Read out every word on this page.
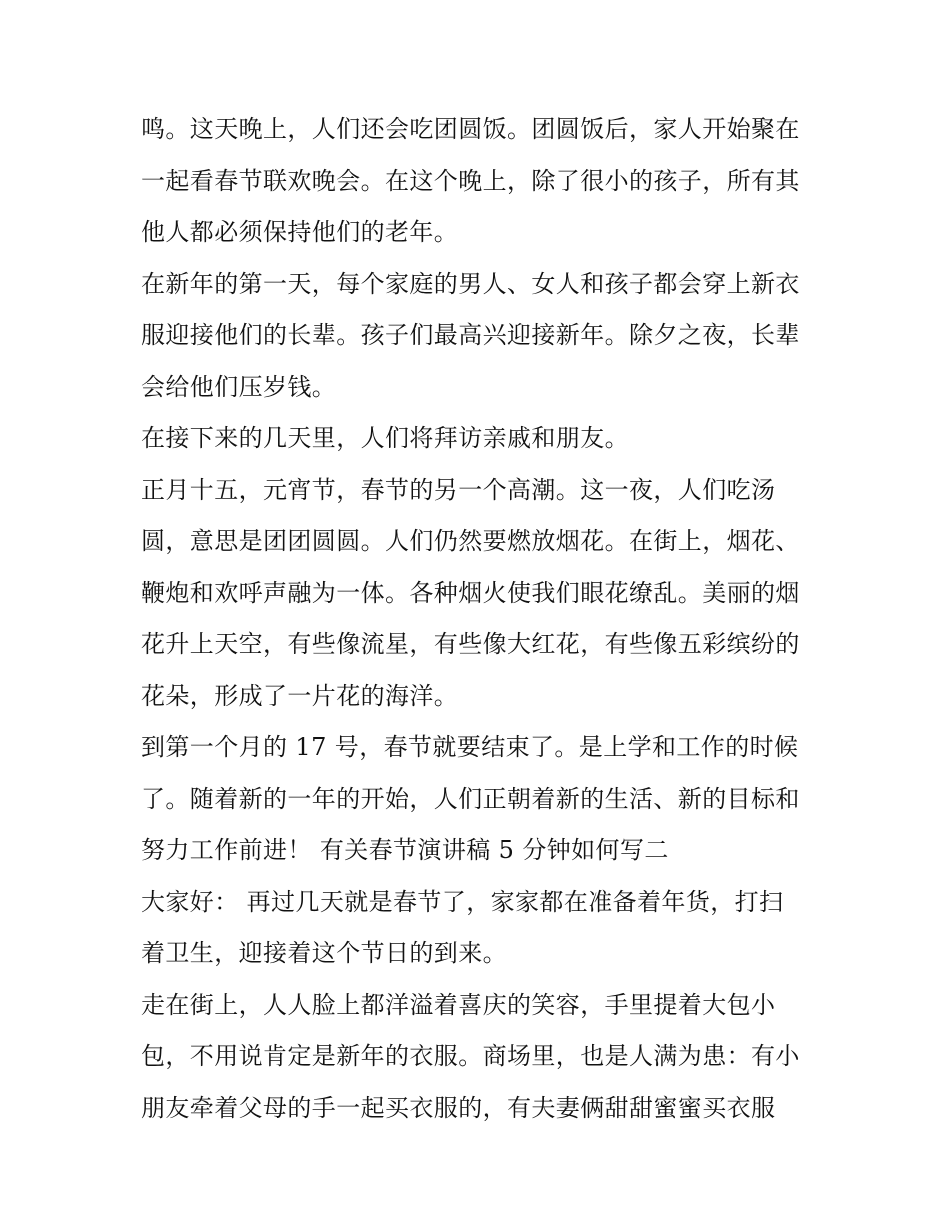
鸣。这天晚上，人们还会吃团圆饭。团圆饭后，家人开始聚在
一起看春节联欢晚会。在这个晚上，除了很小的孩子，所有其
他人都必须保持他们的老年。
在新年的第一天，每个家庭的男人、女人和孩子都会穿上新衣
服迎接他们的长辈。孩子们最高兴迎接新年。除夕之夜，长辈
会给他们压岁钱。
在接下来的几天里，人们将拜访亲戚和朋友。
正月十五，元宵节，春节的另一个高潮。这一夜，人们吃汤
圆，意思是团团圆圆。人们仍然要燃放烟花。在街上，烟花、
鞭炮和欢呼声融为一体。各种烟火使我们眼花缭乱。美丽的烟
花升上天空，有些像流星，有些像大红花，有些像五彩缤纷的
花朵，形成了一片花的海洋。
到第一个月的 17 号，春节就要结束了。是上学和工作的时候
了。随着新的一年的开始，人们正朝着新的生活、新的目标和
努力工作前进！ 有关春节演讲稿 5 分钟如何写二
大家好： 再过几天就是春节了，家家都在准备着年货，打扫
着卫生，迎接着这个节日的到来。
走在街上，人人脸上都洋溢着喜庆的笑容，手里提着大包小
包，不用说肯定是新年的衣服。商场里，也是人满为患：有小
朋友牵着父母的手一起买衣服的，有夫妻俩甜甜蜜蜜买衣服
